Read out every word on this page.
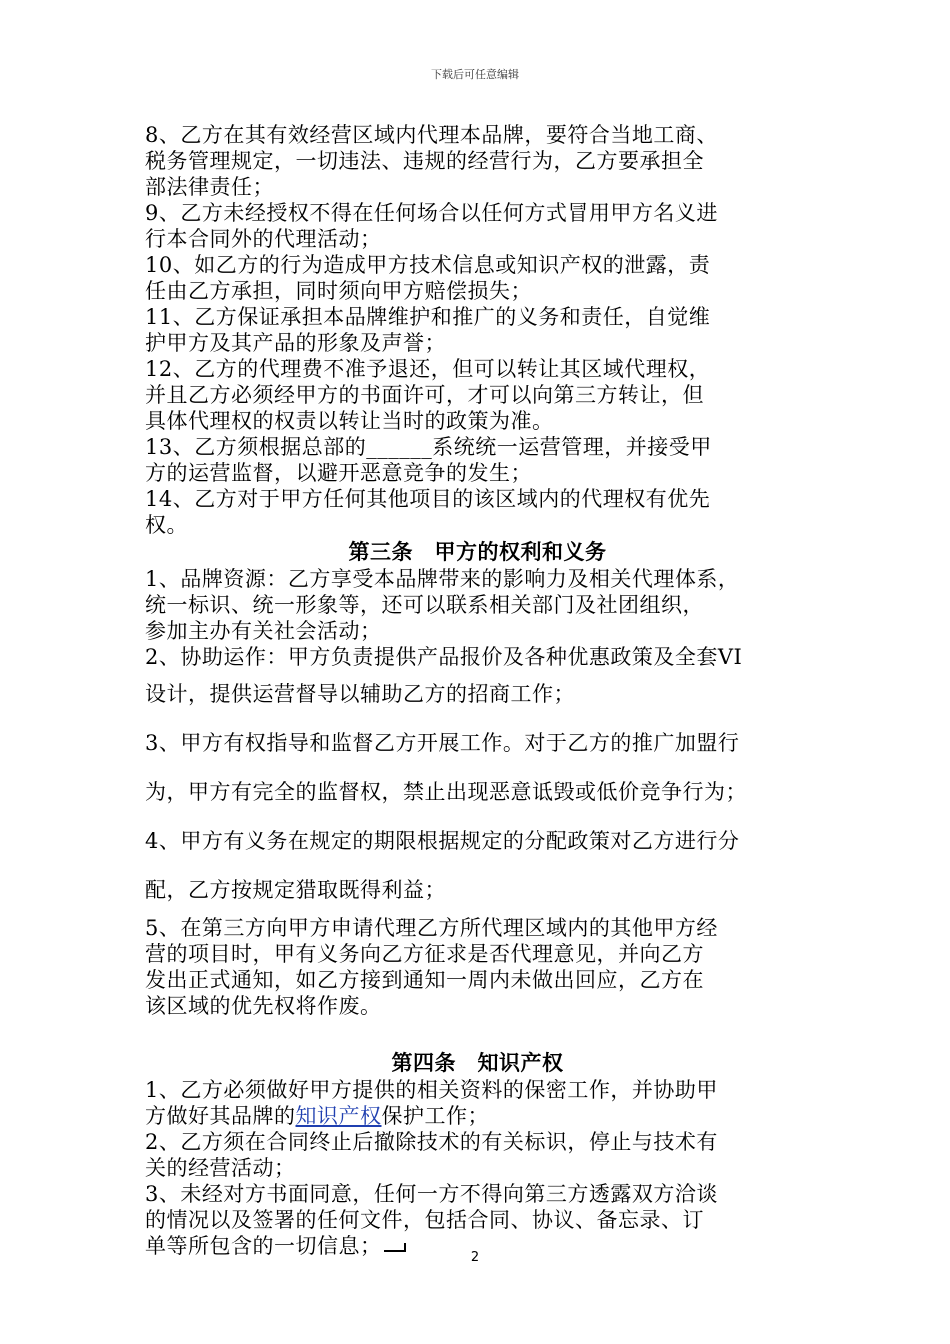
下载后可任意编辑
8、乙方在其有效经营区域内代理本品牌，要符合当地工商、
税务管理规定，一切违法、违规的经营行为，乙方要承担全
部法律责任；
9、乙方未经授权不得在任何场合以任何方式冒用甲方名义进
行本合同外的代理活动；
10、如乙方的行为造成甲方技术信息或知识产权的泄露，责
任由乙方承担，同时须向甲方赔偿损失；
11、乙方保证承担本品牌维护和推广的义务和责任，自觉维
护甲方及其产品的形象及声誉；
12、乙方的代理费不准予退还，但可以转让其区域代理权，
并且乙方必须经甲方的书面许可，才可以向第三方转让，但
具体代理权的权责以转让当时的政策为准。
13、乙方须根据总部的______系统统一运营管理，并接受甲
方的运营监督，以避开恶意竞争的发生；
14、乙方对于甲方任何其他项目的该区域内的代理权有优先
权。
第三条　甲方的权利和义务
1、品牌资源：乙方享受本品牌带来的影响力及相关代理体系，
统一标识、统一形象等，还可以联系相关部门及社团组织，
参加主办有关社会活动；
2、协助运作：甲方负责提供产品报价及各种优惠政策及全套VI
设计，提供运营督导以辅助乙方的招商工作；
3、甲方有权指导和监督乙方开展工作。对于乙方的推广加盟行
为，甲方有完全的监督权，禁止出现恶意诋毁或低价竞争行为；
4、甲方有义务在规定的期限根据规定的分配政策对乙方进行分
配，乙方按规定猎取既得利益；
5、在第三方向甲方申请代理乙方所代理区域内的其他甲方经
营的项目时，甲有义务向乙方征求是否代理意见，并向乙方
发出正式通知，如乙方接到通知一周内未做出回应，乙方在
该区域的优先权将作废。
第四条　知识产权
1、乙方必须做好甲方提供的相关资料的保密工作，并协助甲
方做好其品牌的知识产权保护工作；
2、乙方须在合同终止后撤除技术的有关标识，停止与技术有
关的经营活动；
3、未经对方书面同意，任何一方不得向第三方透露双方洽谈
的情况以及签署的任何文件，包括合同、协议、备忘录、订
单等所包含的一切信息；	2
